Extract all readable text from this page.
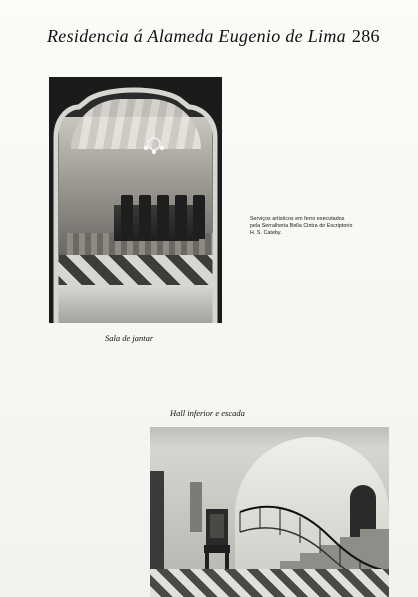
Residencia á Alameda Eugenio de Lima 286
Sala de jantar
Serviços artisticos em ferro executados
pela Serralheria Bella Cintra do Escriptorio
H. S. Cateby.
Hall inferior e escada
